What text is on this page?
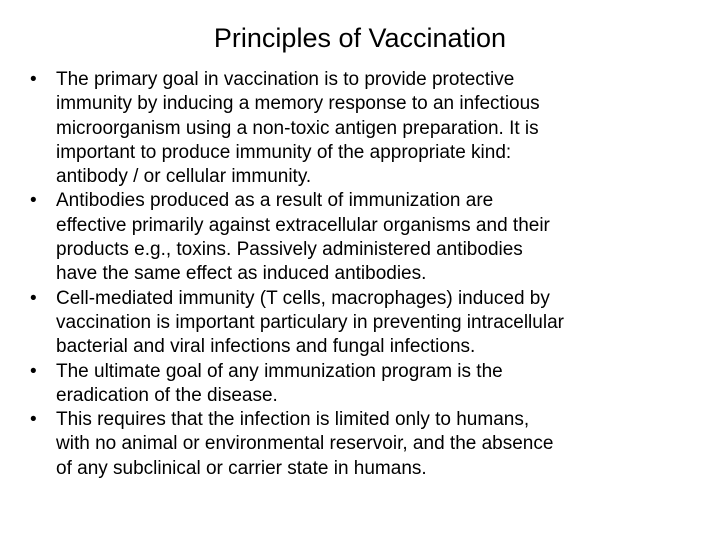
Principles of Vaccination
• The primary goal in vaccination is to provide protective
immunity by inducing a memory response to an infectious
microorganism using a non-toxic antigen preparation. It is
important to produce immunity of the appropriate kind:
antibody / or cellular immunity.
• Antibodies produced as a result of immunization are
effective primarily against extracellular organisms and their
products e.g., toxins. Passively administered antibodies
have the same effect as induced antibodies.
• Cell-mediated immunity (T cells, macrophages) induced by
vaccination is important particulary in preventing intracellular
bacterial and viral infections and fungal infections.
• The ultimate goal of any immunization program is the
eradication of the disease.
• This requires that the infection is limited only to humans,
with no animal or environmental reservoir, and the absence
of any subclinical or carrier state in humans.
